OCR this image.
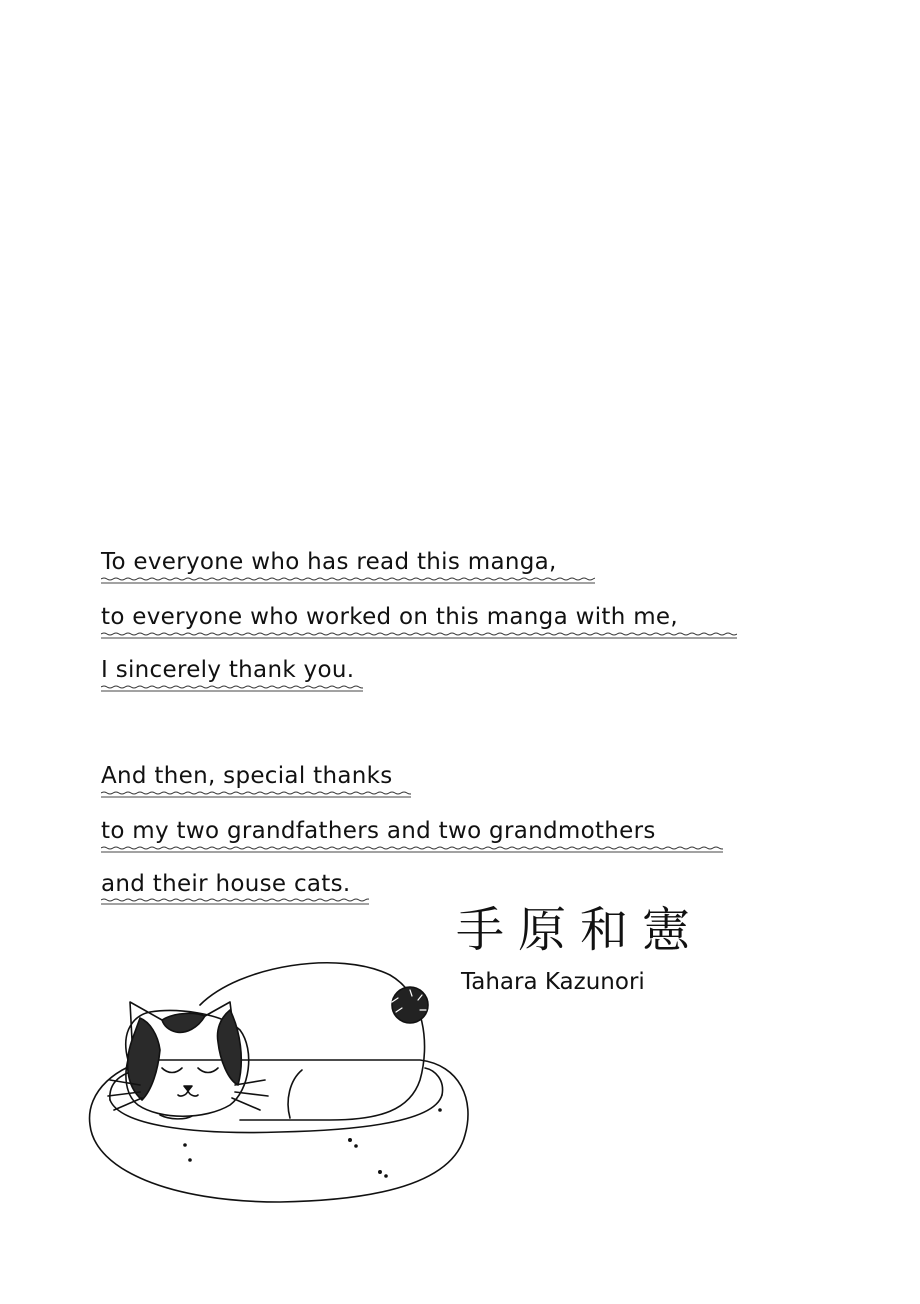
To everyone who has read this manga,
to everyone who worked on this manga with me,
I sincerely thank you.
And then, special thanks
to my two grandfathers and two grandmothers
and their house cats.
手原和憲
Tahara Kazunori
